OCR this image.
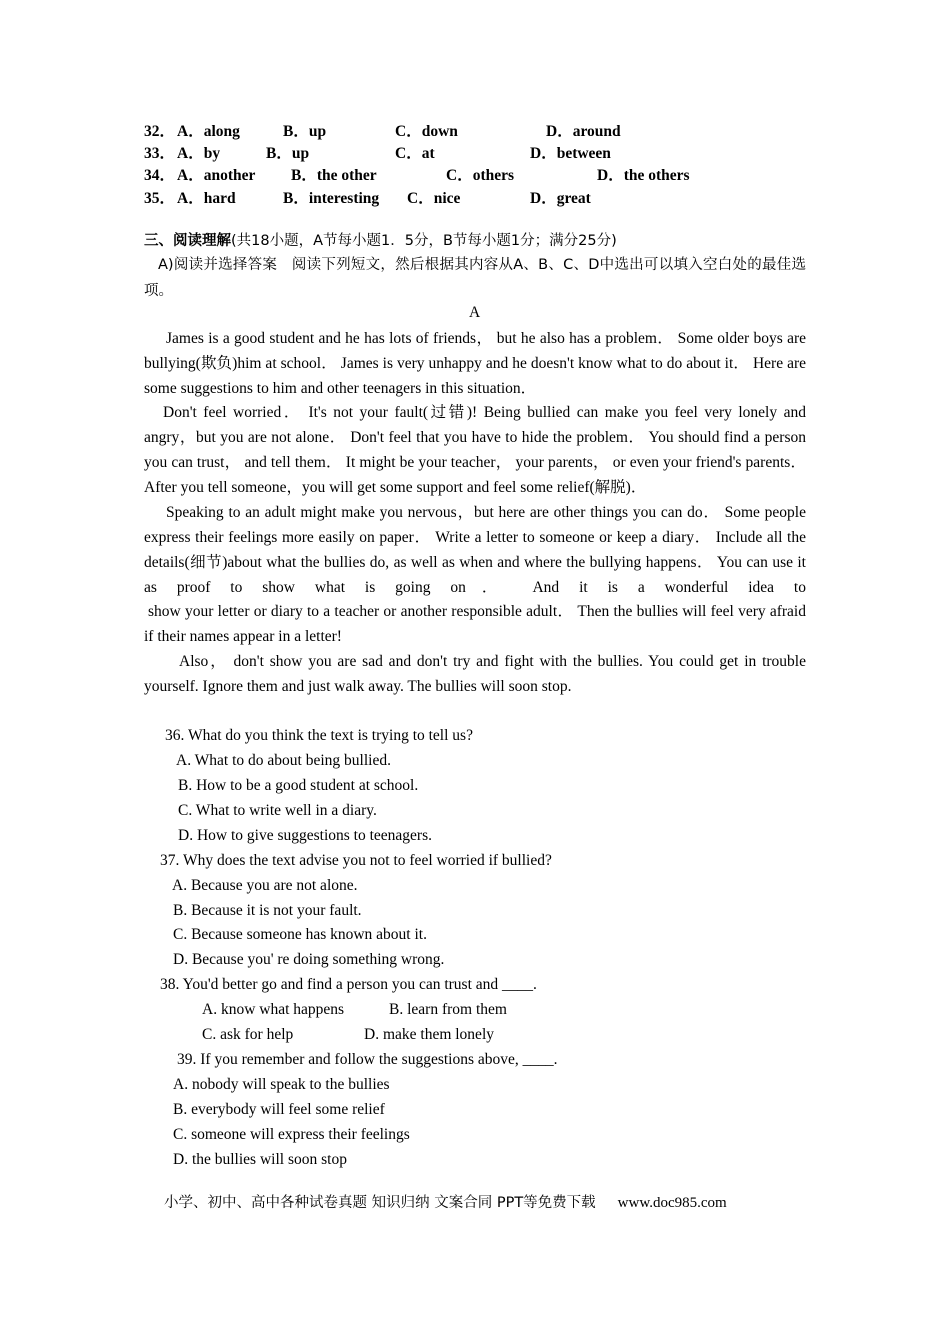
32． A．along	B．up	C．down	D．around
33． A．by	B．up	C．at	D．between
34． A．another B．the other	C．others	D．the others
35． A．hard	B．interesting C．nice	D．great
三、阅读理解(共18小题，A节每小题1．5分，B节每小题1分；满分25分)

A)阅读并选择答案　阅读下列短文，然后根据其内容从A、B、C、D中选出可以填入空白处的最佳选项。

A

James is a good student and he has lots of friends， but he also has a problem． Some older boys are bullying(欺负)him at school． James is very unhappy and he doesn't know what to do about it． Here are some suggestions to him and other teenagers in this situation．

Don't feel worried． It's not your fault(过错)! Being bullied can make you feel very lonely and angry，but you are not alone． Don't feel that you have to hide the problem． You should find a person you can trust， and tell them． It might be your teacher， your parents， or even your friend's parents． After you tell someone，you will get some support and feel some relief(解脱)．

Speaking to an adult might make you nervous，but here are other things you can do． Some people express their feelings more easily on paper． Write a letter to someone or keep a diary． Include all the details(细节)about what the bullies do, as well as when and where the bullying happens． You can use it as proof to show what is going on． And it is a wonderful idea to

show your letter or diary to a teacher or another responsible adult． Then the bullies will feel very afraid if their names appear in a letter!

Also， don't show you are sad and don't try and fight with the bullies. You could get in trouble yourself. Ignore them and just walk away. The bullies will soon stop.

36. What do you think the text is trying to tell us?
A. What to do about being bullied.
B. How to be a good student at school.
C. What to write well in a diary.
D. How to give suggestions to teenagers.
37. Why does the text advise you not to feel worried if bullied?
A. Because you are not alone.
B. Because it is not your fault.
C. Because someone has known about it.
D. Because you' re doing something wrong.
38. You'd better go and find a person you can trust and ____.
A. know what happens	B. learn from them
C. ask for help	D. make them lonely
39. If you remember and follow the suggestions above, ____.
A. nobody will speak to the bullies
B. everybody will feel some relief
C. someone will express their feelings
D. the bullies will soon stop
小学、初中、高中各种试卷真题 知识归纳 文案合同 PPT等免费下载 www.doc985.com
